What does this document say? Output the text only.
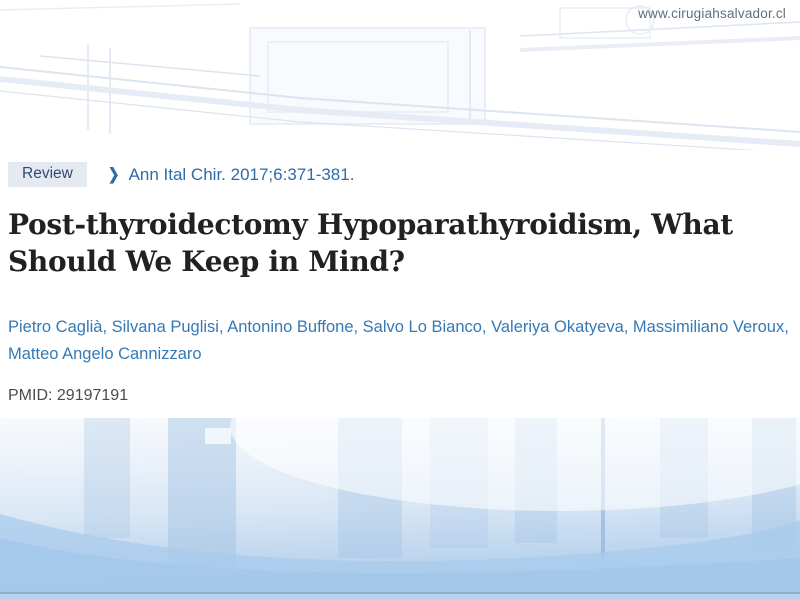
www.cirugiahsalvador.cl
Review	❯ Ann Ital Chir. 2017;6:371-381.
Post-thyroidectomy Hypoparathyroidism, What Should We Keep in Mind?

Pietro Caglià, Silvana Puglisi, Antonino Buffone, Salvo Lo Bianco, Valeriya Okatyeva, Massimiliano Veroux, Matteo Angelo Cannizzaro

PMID: 29197191
